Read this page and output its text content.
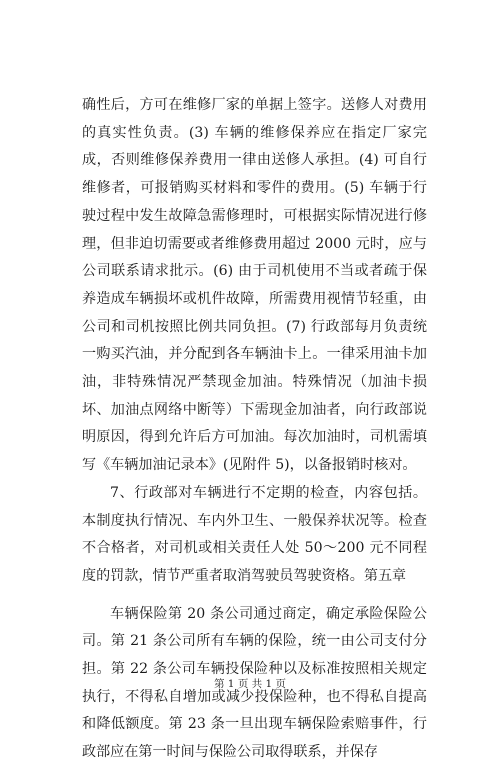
确性后，方可在维修厂家的单据上签字。送修人对费用的真实性负责。(3) 车辆的维修保养应在指定厂家完成，否则维修保养费用一律由送修人承担。(4) 可自行维修者，可报销购买材料和零件的费用。(5) 车辆于行驶过程中发生故障急需修理时，可根据实际情况进行修理，但非迫切需要或者维修费用超过 2000 元时，应与公司联系请求批示。(6) 由于司机使用不当或者疏于保养造成车辆损坏或机件故障，所需费用视情节轻重，由公司和司机按照比例共同负担。(7) 行政部每月负责统一购买汽油，并分配到各车辆油卡上。一律采用油卡加油，非特殊情况严禁现金加油。特殊情况（加油卡损坏、加油点网络中断等）下需现金加油者，向行政部说明原因，得到允许后方可加油。每次加油时，司机需填写《车辆加油记录本》(见附件 5)，以备报销时核对。

7、行政部对车辆进行不定期的检查，内容包括。本制度执行情况、车内外卫生、一般保养状况等。检查不合格者，对司机或相关责任人处 50～200 元不同程度的罚款，情节严重者取消驾驶员驾驶资格。第五章

车辆保险第 20 条公司通过商定，确定承险保险公司。第 21 条公司所有车辆的保险，统一由公司支付分担。第 22 条公司车辆投保险种以及标准按照相关规定执行，不得私自增加或减少投保险种，也不得私自提高和降低额度。第 23 条一旦出现车辆保险索赔事件，行政部应在第一时间与保险公司取得联系，并保存

第 1 页 共 1 页
